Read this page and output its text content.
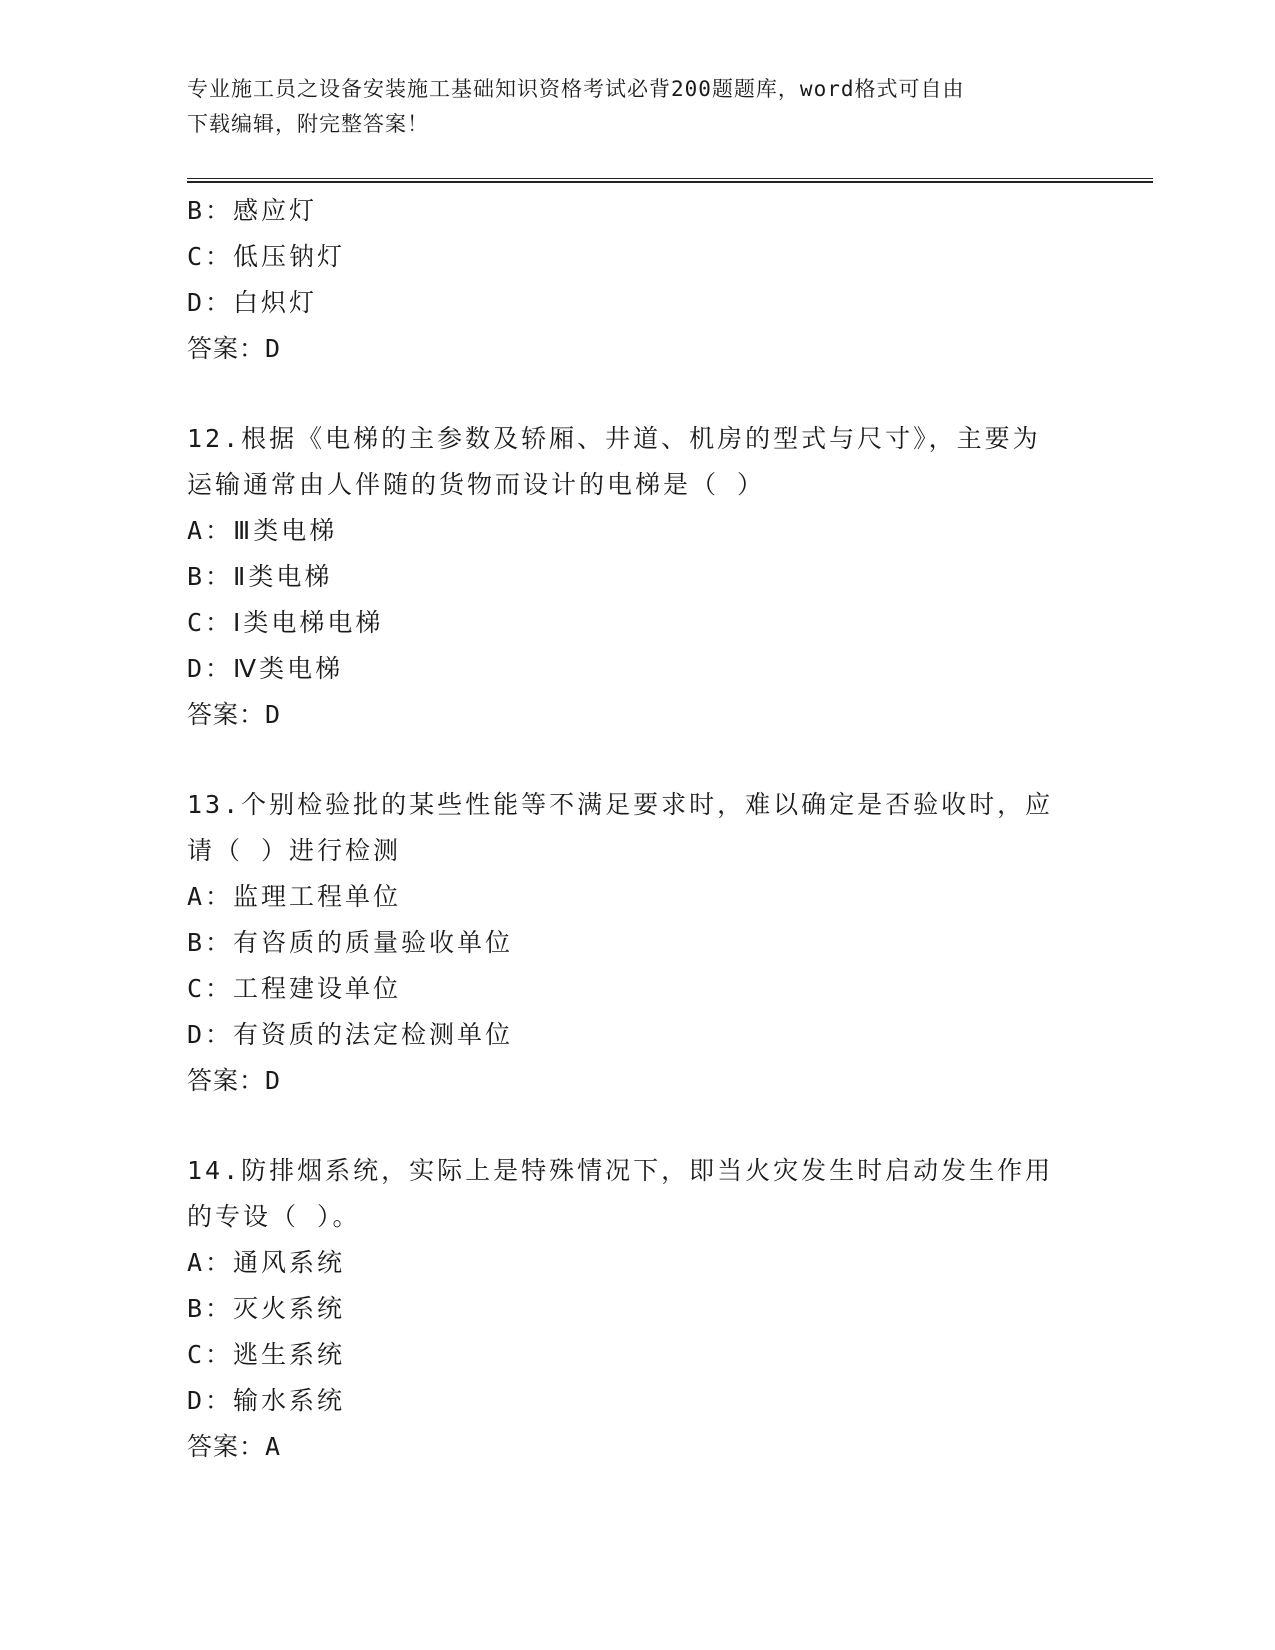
专业施工员之设备安装施工基础知识资格考试必背200题题库，word格式可自由
下载编辑，附完整答案！
B：感应灯
C：低压钠灯
D：白炽灯
答案：D
12.根据《电梯的主参数及轿厢、井道、机房的型式与尺寸》，主要为
运输通常由人伴随的货物而设计的电梯是（ ）
A：Ⅲ类电梯
B：Ⅱ类电梯
C：Ⅰ类电梯电梯
D：Ⅳ类电梯
答案：D
13.个别检验批的某些性能等不满足要求时，难以确定是否验收时，应
请（ ）进行检测
A：监理工程单位
B：有咨质的质量验收单位
C：工程建设单位
D：有资质的法定检测单位
答案：D
14.防排烟系统，实际上是特殊情况下，即当火灾发生时启动发生作用
的专设（ ）。
A：通风系统
B：灭火系统
C：逃生系统
D：输水系统
答案：A
